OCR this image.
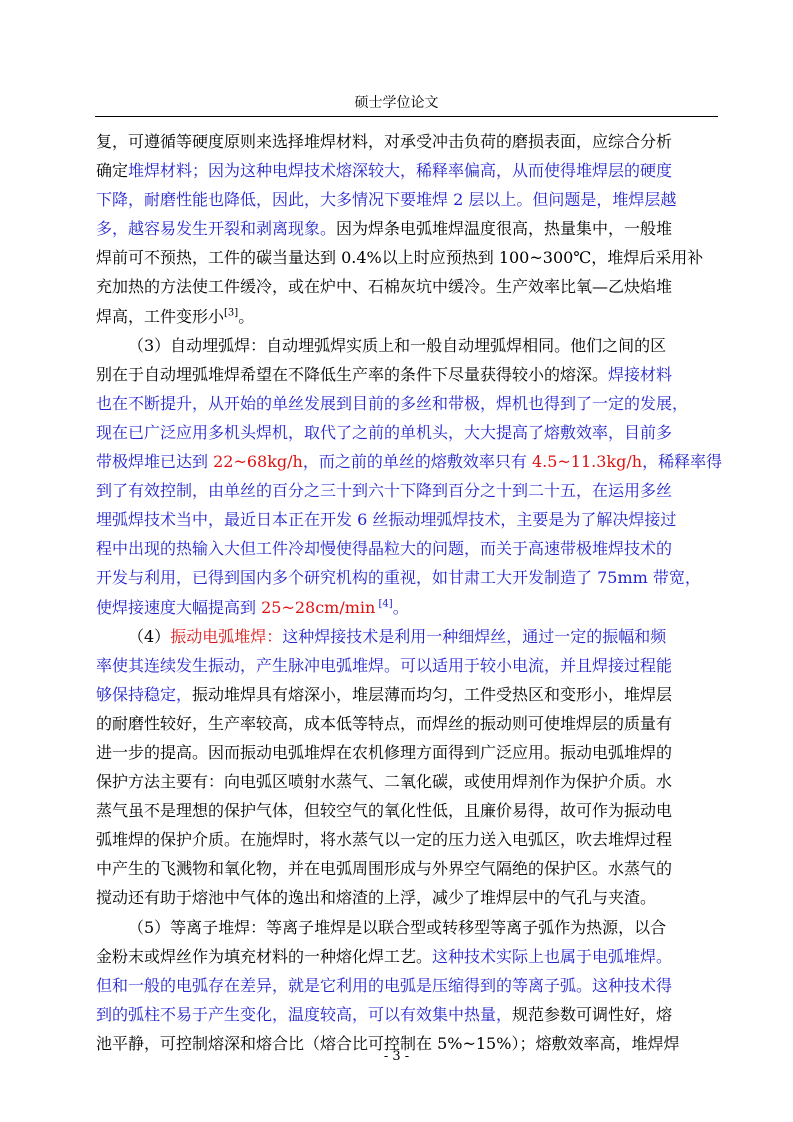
硕士学位论文
复，可遵循等硬度原则来选择堆焊材料，对承受冲击负荷的磨损表面，应综合分析
确定堆焊材料；因为这种电焊技术熔深较大，稀释率偏高，从而使得堆焊层的硬度
下降，耐磨性能也降低，因此，大多情况下要堆焊 2 层以上。但问题是，堆焊层越
多，越容易发生开裂和剥离现象。因为焊条电弧堆焊温度很高，热量集中，一般堆
焊前可不预热，工件的碳当量达到 0.4%以上时应预热到 100~300℃，堆焊后采用补
充加热的方法使工件缓冷，或在炉中、石棉灰坑中缓冷。生产效率比氧—乙炔焰堆
焊高，工件变形小[3]。
（3）自动埋弧焊：自动埋弧焊实质上和一般自动埋弧焊相同。他们之间的区
别在于自动埋弧堆焊希望在不降低生产率的条件下尽量获得较小的熔深。焊接材料
也在不断提升，从开始的单丝发展到目前的多丝和带极，焊机也得到了一定的发展，
现在已广泛应用多机头焊机，取代了之前的单机头，大大提高了熔敷效率，目前多
带极焊堆已达到 22~68kg/h，而之前的单丝的熔敷效率只有 4.5~11.3kg/h，稀释率得
到了有效控制，由单丝的百分之三十到六十下降到百分之十到二十五，在运用多丝
埋弧焊技术当中，最近日本正在开发 6 丝振动埋弧焊技术，主要是为了解决焊接过
程中出现的热输入大但工件冷却慢使得晶粒大的问题，而关于高速带极堆焊技术的
开发与利用，已得到国内多个研究机构的重视，如甘肃工大开发制造了 75mm 带宽，
使焊接速度大幅提高到 25~28cm/min [4]。
（4）振动电弧堆焊：这种焊接技术是利用一种细焊丝，通过一定的振幅和频
率使其连续发生振动，产生脉冲电弧堆焊。可以适用于较小电流，并且焊接过程能
够保持稳定，振动堆焊具有熔深小，堆层薄而均匀，工件受热区和变形小，堆焊层
的耐磨性较好，生产率较高，成本低等特点，而焊丝的振动则可使堆焊层的质量有
进一步的提高。因而振动电弧堆焊在农机修理方面得到广泛应用。振动电弧堆焊的
保护方法主要有：向电弧区喷射水蒸气、二氧化碳，或使用焊剂作为保护介质。水
蒸气虽不是理想的保护气体，但较空气的氧化性低，且廉价易得，故可作为振动电
弧堆焊的保护介质。在施焊时，将水蒸气以一定的压力送入电弧区，吹去堆焊过程
中产生的飞溅物和氧化物，并在电弧周围形成与外界空气隔绝的保护区。水蒸气的
搅动还有助于熔池中气体的逸出和熔渣的上浮，减少了堆焊层中的气孔与夹渣。
（5）等离子堆焊：等离子堆焊是以联合型或转移型等离子弧作为热源，以合
金粉末或焊丝作为填充材料的一种熔化焊工艺。这种技术实际上也属于电弧堆焊。
但和一般的电弧存在差异，就是它利用的电弧是压缩得到的等离子弧。这种技术得
到的弧柱不易于产生变化，温度较高，可以有效集中热量，规范参数可调性好，熔
池平静，可控制熔深和熔合比（熔合比可控制在 5%~15%）；熔敷效率高，堆焊焊
- 3 -
